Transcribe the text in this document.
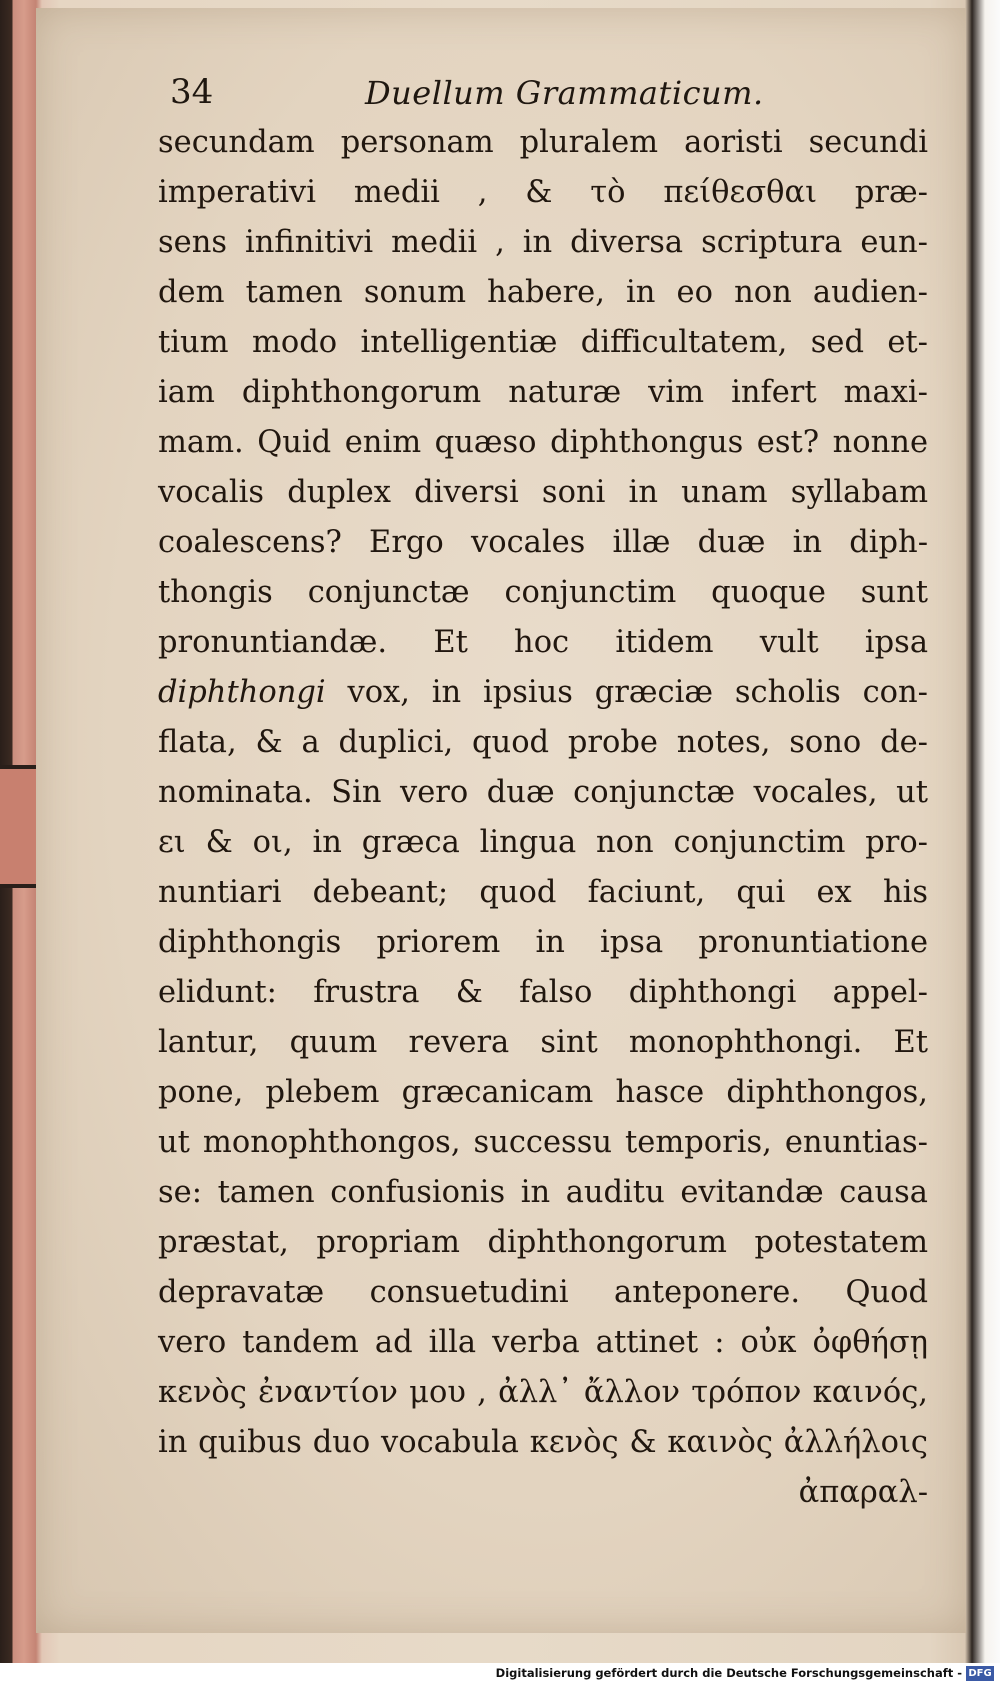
34	Duellum Grammaticum.
secundam personam pluralem aoristi secundi
imperativi medii , & τὸ πείθεσθαι præ-
sens infinitivi medii , in diversa scriptura eun-
dem tamen sonum habere, in eo non audien-
tium modo intelligentiæ difficultatem, sed et-
iam diphthongorum naturæ vim infert maxi-
mam. Quid enim quæso diphthongus est? nonne
vocalis duplex diversi soni in unam syllabam
coalescens? Ergo vocales illæ duæ in diph-
thongis conjunctæ conjunctim quoque sunt
pronuntiandæ. Et hoc itidem vult ipsa
diphthongi vox, in ipsius græciæ scholis con-
flata, & a duplici, quod probe notes, sono de-
nominata. Sin vero duæ conjunctæ vocales, ut
ει & οι, in græca lingua non conjunctim pro-
nuntiari debeant; quod faciunt, qui ex his
diphthongis priorem in ipsa pronuntiatione
elidunt: frustra & falso diphthongi appel-
lantur, quum revera sint monophthongi. Et
pone, plebem græcanicam hasce diphthongos,
ut monophthongos, successu temporis, enuntias-
se: tamen confusionis in auditu evitandæ causa
præstat, propriam diphthongorum potestatem
depravatæ consuetudini anteponere. Quod
vero tandem ad illa verba attinet : οὐκ ὀφθήσῃ
κενὸς ἐναντίον μου , ἀλλ᾽ ἄλλον τρόπον καινός,
in quibus duo vocabula κενὸς & καινὸς ἀλλήλοις
ἀπαραλ-
Digitalisierung gefördert durch die Deutsche Forschungsgemeinschaft - DFG
